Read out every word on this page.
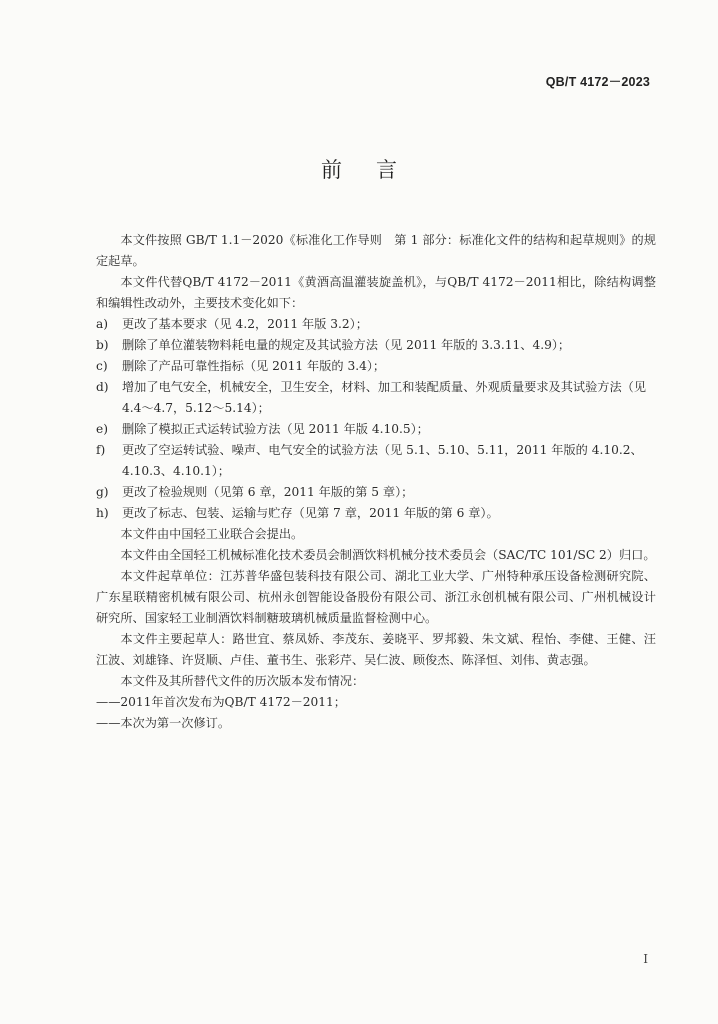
QB/T 4172－2023
前言

本文件按照 GB/T 1.1－2020《标准化工作导则　第 1 部分：标准化文件的结构和起草规则》的规定起草。

本文件代替QB/T 4172－2011《黄酒高温灌装旋盖机》，与QB/T 4172－2011相比，除结构调整和编辑性改动外，主要技术变化如下：

a)	更改了基本要求（见 4.2，2011 年版 3.2）；
b)	删除了单位灌装物料耗电量的规定及其试验方法（见 2011 年版的 3.3.11、4.9）；
c)	删除了产品可靠性指标（见 2011 年版的 3.4）；
d)	增加了电气安全，机械安全，卫生安全，材料、加工和装配质量、外观质量要求及其试验方法（见 4.4～4.7，5.12～5.14）；
e)	删除了模拟正式运转试验方法（见 2011 年版 4.10.5）；
f)	更改了空运转试验、噪声、电气安全的试验方法（见 5.1、5.10、5.11，2011 年版的 4.10.2、4.10.3、4.10.1）；
g)	更改了检验规则（见第 6 章，2011 年版的第 5 章）；
h)	更改了标志、包装、运输与贮存（见第 7 章，2011 年版的第 6 章）。

本文件由中国轻工业联合会提出。

本文件由全国轻工机械标准化技术委员会制酒饮料机械分技术委员会（SAC/TC 101/SC 2）归口。

本文件起草单位：江苏普华盛包装科技有限公司、湖北工业大学、广州特种承压设备检测研究院、广东星联精密机械有限公司、杭州永创智能设备股份有限公司、浙江永创机械有限公司、广州机械设计研究所、国家轻工业制酒饮料制糖玻璃机械质量监督检测中心。

本文件主要起草人：路世宜、蔡凤娇、李茂东、姜晓平、罗邦毅、朱文斌、程怡、李健、王健、汪江波、刘雄锋、许贤顺、卢佳、董书生、张彩芹、吴仁波、顾俊杰、陈泽恒、刘伟、黄志强。

本文件及其所替代文件的历次版本发布情况：

——2011年首次发布为QB/T 4172－2011；

——本次为第一次修订。

I
